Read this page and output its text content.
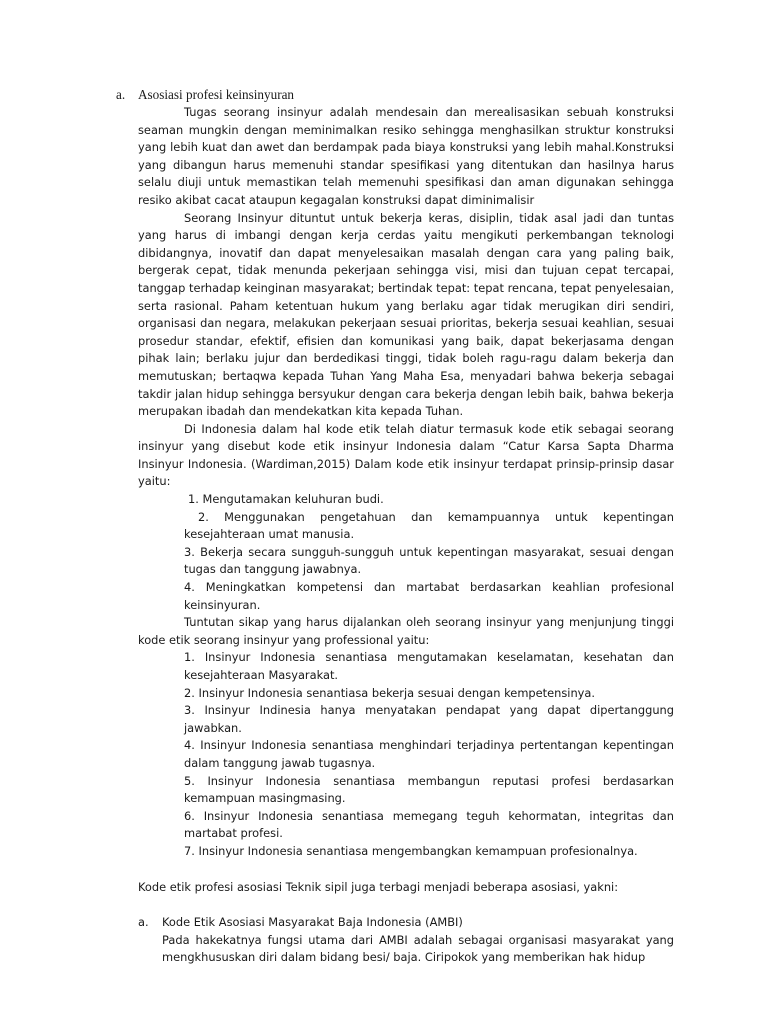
a. Asosiasi profesi keinsinyuran

Tugas seorang insinyur adalah mendesain dan merealisasikan sebuah konstruksi seaman mungkin dengan meminimalkan resiko sehingga menghasilkan struktur konstruksi yang lebih kuat dan awet dan berdampak pada biaya konstruksi yang lebih mahal.Konstruksi yang dibangun harus memenuhi standar spesifikasi yang ditentukan dan hasilnya harus selalu diuji untuk memastikan telah memenuhi spesifikasi dan aman digunakan sehingga resiko akibat cacat ataupun kegagalan konstruksi dapat diminimalisir

Seorang Insinyur dituntut untuk bekerja keras, disiplin, tidak asal jadi dan tuntas yang harus di imbangi dengan kerja cerdas yaitu mengikuti perkembangan teknologi dibidangnya, inovatif dan dapat menyelesaikan masalah dengan cara yang paling baik, bergerak cepat, tidak menunda pekerjaan sehingga visi, misi dan tujuan cepat tercapai, tanggap terhadap keinginan masyarakat; bertindak tepat: tepat rencana, tepat penyelesaian, serta rasional. Paham ketentuan hukum yang berlaku agar tidak merugikan diri sendiri, organisasi dan negara, melakukan pekerjaan sesuai prioritas, bekerja sesuai keahlian, sesuai prosedur standar, efektif, efisien dan komunikasi yang baik, dapat bekerjasama dengan pihak lain; berlaku jujur dan berdedikasi tinggi, tidak boleh ragu-ragu dalam bekerja dan memutuskan; bertaqwa kepada Tuhan Yang Maha Esa, menyadari bahwa bekerja sebagai takdir jalan hidup sehingga bersyukur dengan cara bekerja dengan lebih baik, bahwa bekerja merupakan ibadah dan mendekatkan kita kepada Tuhan.

Di Indonesia dalam hal kode etik telah diatur termasuk kode etik sebagai seorang insinyur yang disebut kode etik insinyur Indonesia dalam “Catur Karsa Sapta Dharma Insinyur Indonesia. (Wardiman,2015) Dalam kode etik insinyur terdapat prinsip-prinsip dasar yaitu:

1. Mengutamakan keluhuran budi.

2. Menggunakan pengetahuan dan kemampuannya untuk kepentingan kesejahteraan umat manusia.

3. Bekerja secara sungguh-sungguh untuk kepentingan masyarakat, sesuai dengan tugas dan tanggung jawabnya.

4. Meningkatkan kompetensi dan martabat berdasarkan keahlian profesional keinsinyuran.

Tuntutan sikap yang harus dijalankan oleh seorang insinyur yang menjunjung tinggi kode etik seorang insinyur yang professional yaitu:

1. Insinyur Indonesia senantiasa mengutamakan keselamatan, kesehatan dan kesejahteraan Masyarakat.

2. Insinyur Indonesia senantiasa bekerja sesuai dengan kempetensinya.

3. Insinyur Indinesia hanya menyatakan pendapat yang dapat dipertanggung jawabkan.

4. Insinyur Indonesia senantiasa menghindari terjadinya pertentangan kepentingan dalam tanggung jawab tugasnya.

5. Insinyur Indonesia senantiasa membangun reputasi profesi berdasarkan kemampuan masingmasing.

6. Insinyur Indonesia senantiasa memegang teguh kehormatan, integritas dan martabat profesi.

7. Insinyur Indonesia senantiasa mengembangkan kemampuan profesionalnya.

Kode etik profesi asosiasi Teknik sipil juga terbagi menjadi beberapa asosiasi, yakni:

a. Kode Etik Asosiasi Masyarakat Baja Indonesia (AMBI)

Pada hakekatnya fungsi utama dari AMBI adalah sebagai organisasi masyarakat yang mengkhususkan diri dalam bidang besi/ baja. Ciripokok yang memberikan hak hidup
